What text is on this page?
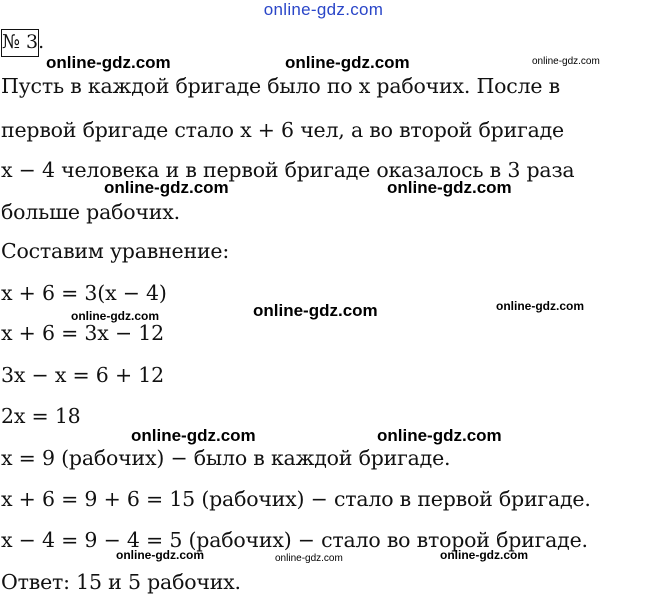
online-gdz.com
№ 3.
Пусть в каждой бригаде было по x рабочих. После в
первой бригаде стало x + 6 чел, а во второй бригаде
x − 4 человека и в первой бригаде оказалось в 3 раза
больше рабочих.
Составим уравнение:
x + 6 = 3(x − 4)
x + 6 = 3x − 12
3x − x = 6 + 12
2x = 18
x = 9 (рабочих) − было в каждой бригаде.
x + 6 = 9 + 6 = 15 (рабочих) − стало в первой бригаде.
x − 4 = 9 − 4 = 5 (рабочих) − стало во второй бригаде.
Ответ: 15 и 5 рабочих.
online-gdz.com	online-gdz.com	online-gdz.com
online-gdz.com	online-gdz.com
online-gdz.com	online-gdz.com
online-gdz.com
online-gdz.com	online-gdz.com
online-gdz.com	online-gdz.com	online-gdz.com
